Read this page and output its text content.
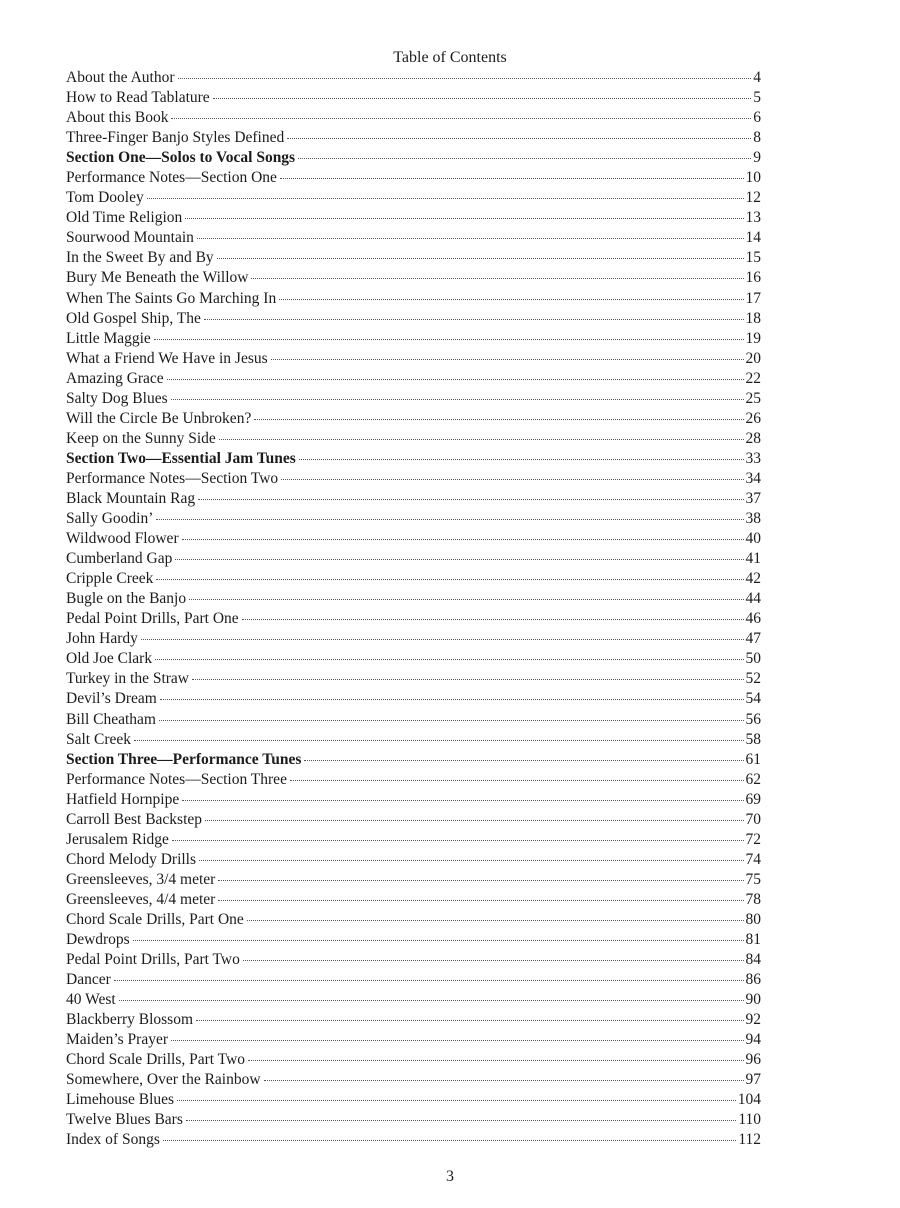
Table of Contents
About the Author	4
How to Read Tablature	5
About this Book	6
Three-Finger Banjo Styles Defined	8
Section One—Solos to Vocal Songs	9
Performance Notes—Section One	10
Tom Dooley	12
Old Time Religion	13
Sourwood Mountain	14
In the Sweet By and By	15
Bury Me Beneath the Willow	16
When The Saints Go Marching In	17
Old Gospel Ship, The	18
Little Maggie	19
What a Friend We Have in Jesus	20
Amazing Grace	22
Salty Dog Blues	25
Will the Circle Be Unbroken?	26
Keep on the Sunny Side	28
Section Two—Essential Jam Tunes	33
Performance Notes—Section Two	34
Black Mountain Rag	37
Sally Goodin’	38
Wildwood Flower	40
Cumberland Gap	41
Cripple Creek	42
Bugle on the Banjo	44
Pedal Point Drills, Part One	46
John Hardy	47
Old Joe Clark	50
Turkey in the Straw	52
Devil’s Dream	54
Bill Cheatham	56
Salt Creek	58
Section Three—Performance Tunes	61
Performance Notes—Section Three	62
Hatfield Hornpipe	69
Carroll Best Backstep	70
Jerusalem Ridge	72
Chord Melody Drills	74
Greensleeves, 3/4 meter	75
Greensleeves, 4/4 meter	78
Chord Scale Drills, Part One	80
Dewdrops	81
Pedal Point Drills, Part Two	84
Dancer	86
40 West	90
Blackberry Blossom	92
Maiden’s Prayer	94
Chord Scale Drills, Part Two	96
Somewhere, Over the Rainbow	97
Limehouse Blues	104
Twelve Blues Bars	110
Index of Songs	112
3
